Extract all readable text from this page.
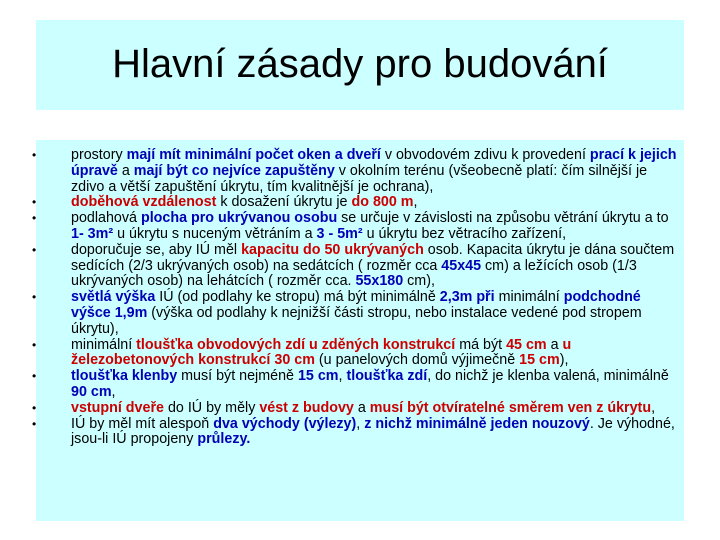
Hlavní zásady pro budování
• prostory mají mít minimální počet oken a dveří v obvodovém zdivu k provedení prací k jejich úpravě a mají být co nejvíce zapuštěny v okolním terénu (všeobecně platí: čím silnější je zdivo a větší zapuštění úkrytu, tím kvalitnější je ochrana),
• doběhová vzdálenost k dosažení úkrytu je do 800 m,
• podlahová plocha pro ukrývanou osobu se určuje v závislosti na způsobu větrání úkrytu a to 1- 3m² u úkrytu s nuceným větráním a 3 - 5m² u úkrytu bez větracího zařízení,
• doporučuje se, aby IÚ měl kapacitu do 50 ukrývaných osob. Kapacita úkrytu je dána součtem sedících (2/3 ukrývaných osob) na sedátcích ( rozměr cca 45x45 cm) a ležících osob (1/3 ukrývaných osob) na lehátcích ( rozměr cca. 55x180 cm),
• světlá výška IÚ (od podlahy ke stropu) má být minimálně 2,3m při minimální podchodné výšce 1,9m (výška od podlahy k nejnižší části stropu, nebo instalace vedené pod stropem úkrytu),
• minimální tloušťka obvodových zdí u zděných konstrukcí má být 45 cm a u železobetonových konstrukcí 30 cm (u panelových domů výjimečně 15 cm),
• tloušťka klenby musí být nejméně 15 cm, tloušťka zdí, do nichž je klenba valená, minimálně 90 cm,
• vstupní dveře do IÚ by měly vést z budovy a musí být otvíratelné směrem ven z úkrytu,
• IÚ by měl mít alespoň dva východy (výlezy), z nichž minimálně jeden nouzový. Je výhodné, jsou-li IÚ propojeny průlezy.
